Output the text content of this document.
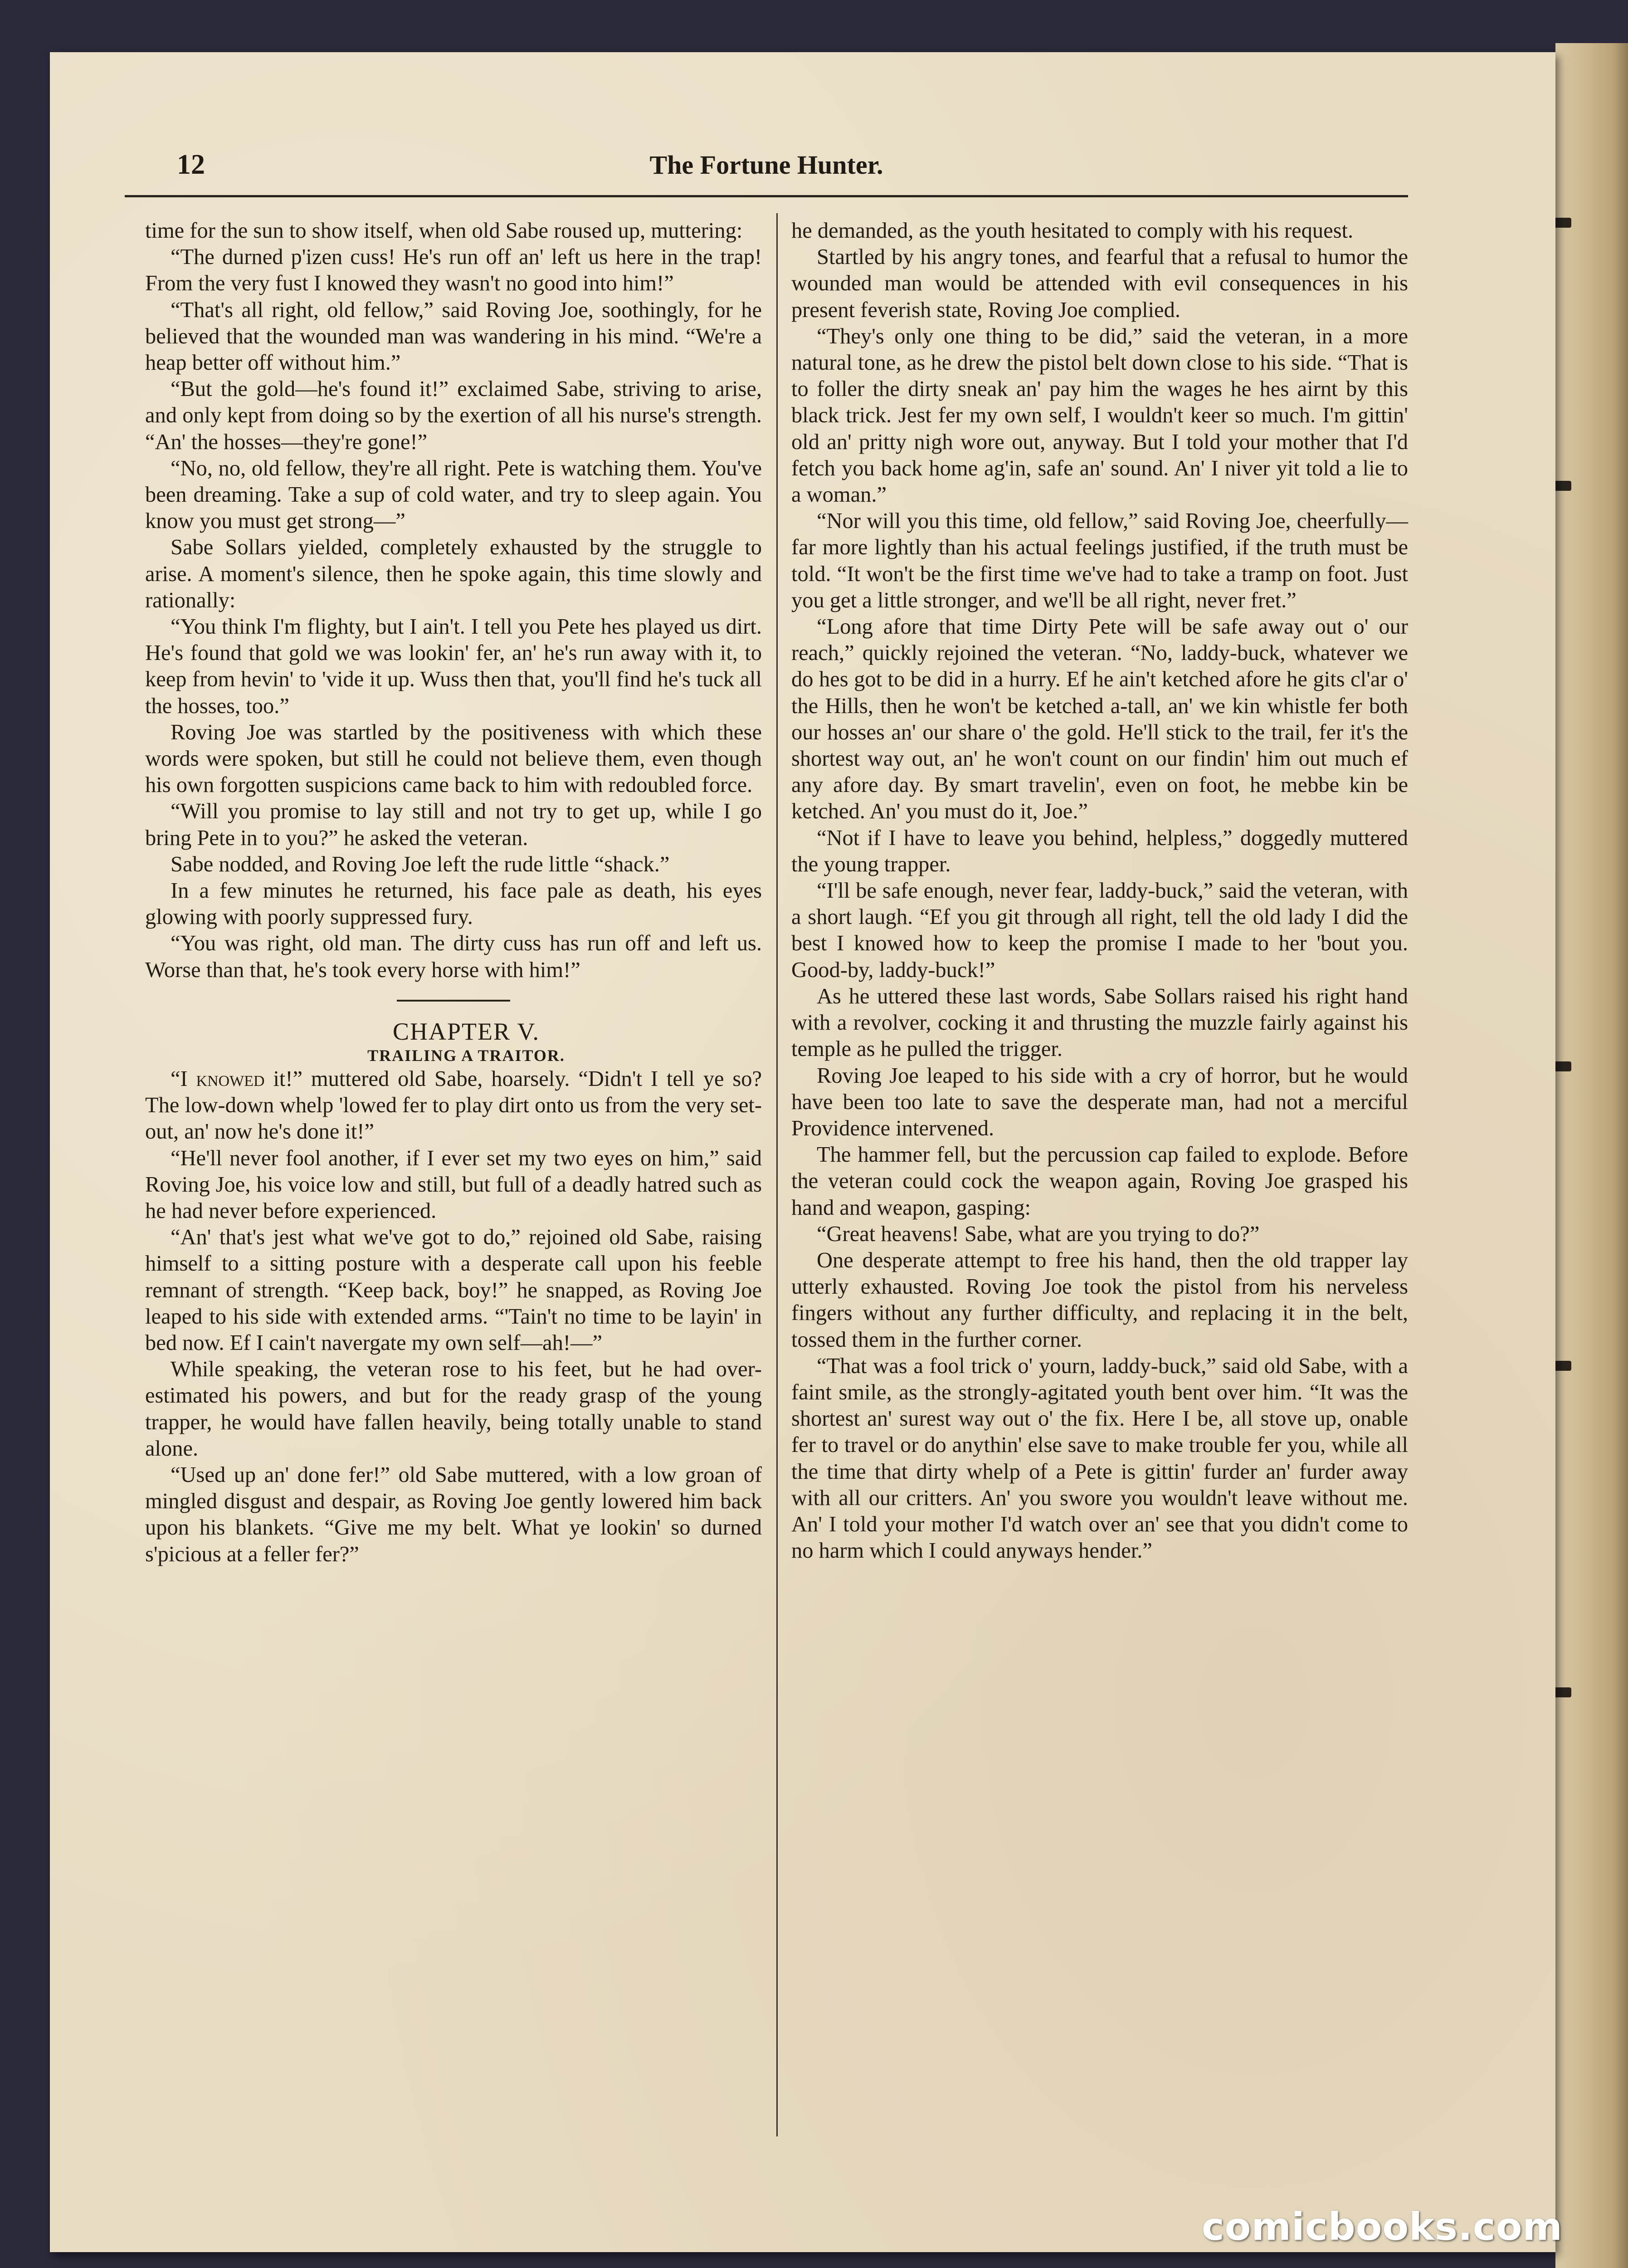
12	The Fortune Hunter.

time for the sun to show itself, when old Sabe roused up, muttering:

“The durned p'izen cuss! He's run off an' left us here in the trap! From the very fust I knowed they wasn't no good into him!”

“That's all right, old fellow,” said Roving Joe, soothingly, for he believed that the wounded man was wandering in his mind. “We're a heap better off without him.”

“But the gold—he's found it!” exclaimed Sabe, striving to arise, and only kept from doing so by the exertion of all his nurse's strength. “An' the hosses—they're gone!”

“No, no, old fellow, they're all right. Pete is watching them. You've been dreaming. Take a sup of cold water, and try to sleep again. You know you must get strong—”

Sabe Sollars yielded, completely exhausted by the struggle to arise. A moment's silence, then he spoke again, this time slowly and rationally:

“You think I'm flighty, but I ain't. I tell you Pete hes played us dirt. He's found that gold we was lookin' fer, an' he's run away with it, to keep from hevin' to 'vide it up. Wuss then that, you'll find he's tuck all the hosses, too.”

Roving Joe was startled by the positiveness with which these words were spoken, but still he could not believe them, even though his own forgotten suspicions came back to him with redoubled force.

“Will you promise to lay still and not try to get up, while I go bring Pete in to you?” he asked the veteran.

Sabe nodded, and Roving Joe left the rude little “shack.”

In a few minutes he returned, his face pale as death, his eyes glowing with poorly suppressed fury.

“You was right, old man. The dirty cuss has run off and left us. Worse than that, he's took every horse with him!”

CHAPTER V.

TRAILING A TRAITOR.

“I knowed it!” muttered old Sabe, hoarsely. “Didn't I tell ye so? The low-down whelp 'lowed fer to play dirt onto us from the very set-out, an' now he's done it!”

“He'll never fool another, if I ever set my two eyes on him,” said Roving Joe, his voice low and still, but full of a deadly hatred such as he had never before experienced.

“An' that's jest what we've got to do,” rejoined old Sabe, raising himself to a sitting posture with a desperate call upon his feeble remnant of strength. “Keep back, boy!” he snapped, as Roving Joe leaped to his side with extended arms. “'Tain't no time to be layin' in bed now. Ef I cain't navergate my own self—ah!—”

While speaking, the veteran rose to his feet, but he had over-estimated his powers, and but for the ready grasp of the young trapper, he would have fallen heavily, being totally unable to stand alone.

“Used up an' done fer!” old Sabe muttered, with a low groan of mingled disgust and despair, as Roving Joe gently lowered him back upon his blankets. “Give me my belt. What ye lookin' so durned s'picious at a feller fer?”

he demanded, as the youth hesitated to comply with his request.

Startled by his angry tones, and fearful that a refusal to humor the wounded man would be attended with evil consequences in his present feverish state, Roving Joe complied.

“They's only one thing to be did,” said the veteran, in a more natural tone, as he drew the pistol belt down close to his side. “That is to foller the dirty sneak an' pay him the wages he hes airnt by this black trick. Jest fer my own self, I wouldn't keer so much. I'm gittin' old an' pritty nigh wore out, anyway. But I told your mother that I'd fetch you back home ag'in, safe an' sound. An' I niver yit told a lie to a woman.”

“Nor will you this time, old fellow,” said Roving Joe, cheerfully—far more lightly than his actual feelings justified, if the truth must be told. “It won't be the first time we've had to take a tramp on foot. Just you get a little stronger, and we'll be all right, never fret.”

“Long afore that time Dirty Pete will be safe away out o' our reach,” quickly rejoined the veteran. “No, laddy-buck, whatever we do hes got to be did in a hurry. Ef he ain't ketched afore he gits cl'ar o' the Hills, then he won't be ketched a-tall, an' we kin whistle fer both our hosses an' our share o' the gold. He'll stick to the trail, fer it's the shortest way out, an' he won't count on our findin' him out much ef any afore day. By smart travelin', even on foot, he mebbe kin be ketched. An' you must do it, Joe.”

“Not if I have to leave you behind, helpless,” doggedly muttered the young trapper.

“I'll be safe enough, never fear, laddy-buck,” said the veteran, with a short laugh. “Ef you git through all right, tell the old lady I did the best I knowed how to keep the promise I made to her 'bout you. Good-by, laddy-buck!”

As he uttered these last words, Sabe Sollars raised his right hand with a revolver, cocking it and thrusting the muzzle fairly against his temple as he pulled the trigger.

Roving Joe leaped to his side with a cry of horror, but he would have been too late to save the desperate man, had not a merciful Providence intervened.

The hammer fell, but the percussion cap failed to explode. Before the veteran could cock the weapon again, Roving Joe grasped his hand and weapon, gasping:

“Great heavens! Sabe, what are you trying to do?”

One desperate attempt to free his hand, then the old trapper lay utterly exhausted. Roving Joe took the pistol from his nerveless fingers without any further difficulty, and replacing it in the belt, tossed them in the further corner.

“That was a fool trick o' yourn, laddy-buck,” said old Sabe, with a faint smile, as the strongly-agitated youth bent over him. “It was the shortest an' surest way out o' the fix. Here I be, all stove up, onable fer to travel or do anythin' else save to make trouble fer you, while all the time that dirty whelp of a Pete is gittin' furder an' furder away with all our critters. An' you swore you wouldn't leave without me. An' I told your mother I'd watch over an' see that you didn't come to no harm which I could anyways hender.”

comicbooks.com
